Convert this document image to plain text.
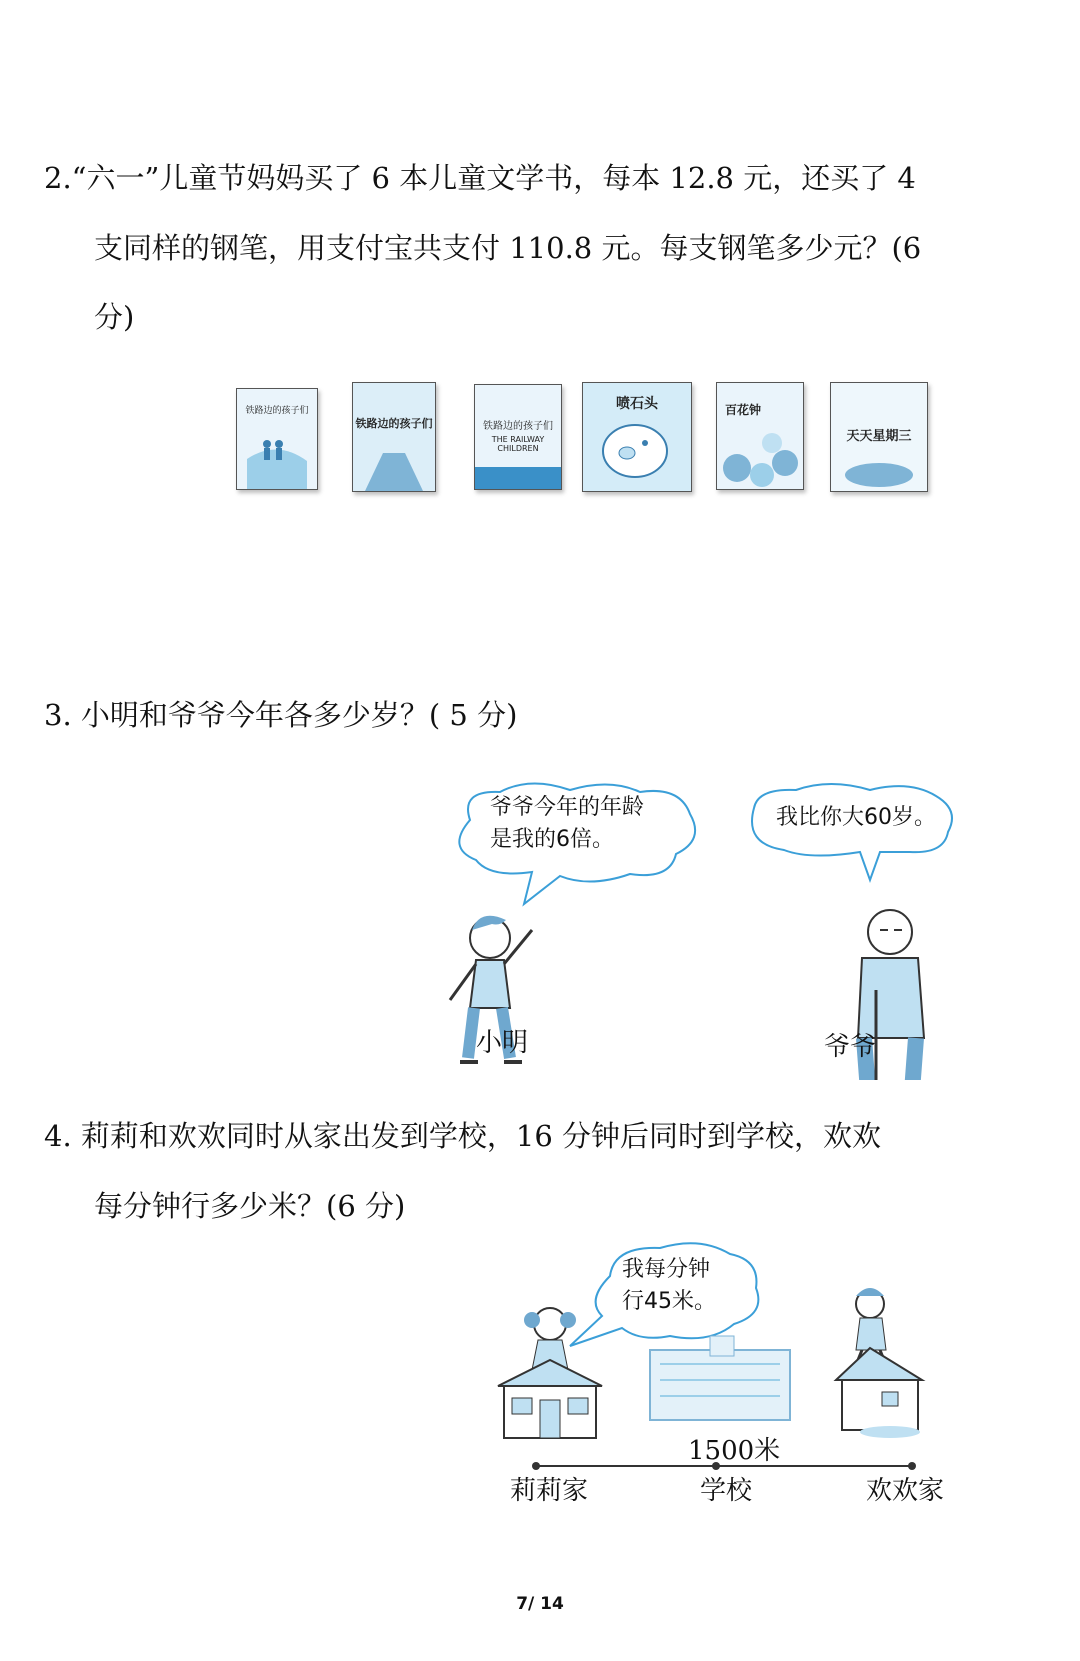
2.“六一”儿童节妈妈买了 6 本儿童文学书，每本 12.8 元，还买了 4
支同样的钢笔，用支付宝共支付 110.8 元。每支钢笔多少元？(6
分)
铁路边的孩子们
铁路边的孩子们	铁路边的孩子们
THE RAILWAY CHILDREN
喷石头	百花钟
天天星期三
3. 小明和爷爷今年各多少岁？( 5 分)
爷爷今年的年龄
是我的6倍。
我比你大60岁。
小明	爷爷
4. 莉莉和欢欢同时从家出发到学校，16 分钟后同时到学校，欢欢
每分钟行多少米？(6 分)
我每分钟
行45米。
1500米
莉莉家	学校	欢欢家
7/ 14
